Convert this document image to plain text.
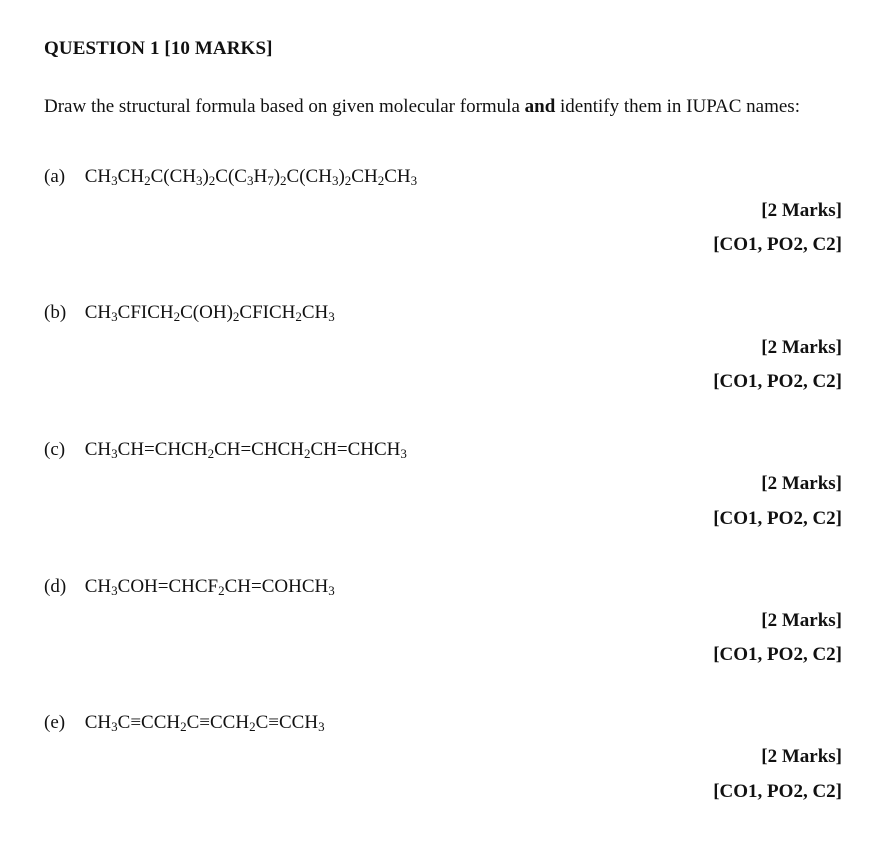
QUESTION 1 [10 MARKS]
Draw the structural formula based on given molecular formula and identify them in IUPAC names:
(a) $CH_3CH_2C(CH_3)_2C(C_3H_7)_2C(CH_3)_2CH_2CH_3$
[2 Marks]
[CO1, PO2, C2]
(b) $CH_3CFICH_2C(OH)_2CFICH_2CH_3$
[2 Marks]
[CO1, PO2, C2]
(c) $CH_3CH=CHCH_2CH=CHCH_2CH=CHCH_3$
[2 Marks]
[CO1, PO2, C2]
(d) $CH_3COH=CHCF_2CH=COHCH_3$
[2 Marks]
[CO1, PO2, C2]
(e) $CH_3C\equiv CCH_2C\equiv CCH_2C\equiv CCH_3$
[2 Marks]
[CO1, PO2, C2]
